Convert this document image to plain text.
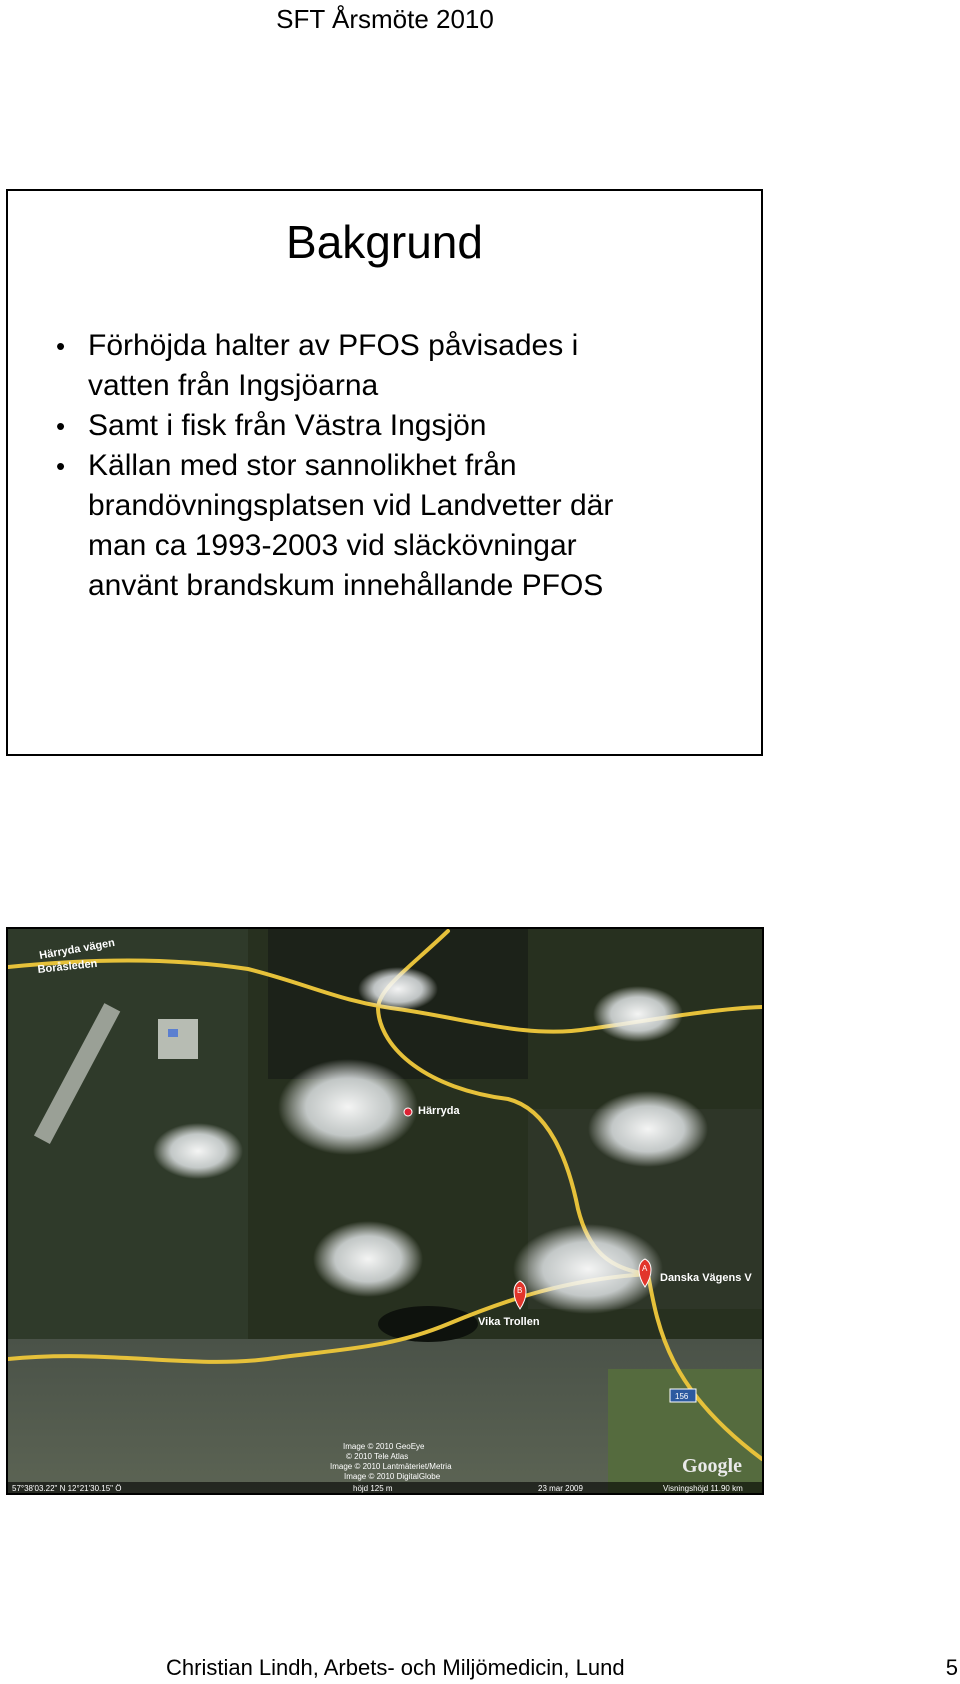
SFT Årsmöte 2010
Bakgrund
• Förhöjda halter av PFOS påvisades i
vatten från Ingsjöarna
• Samt i fisk från Västra Ingsjön
• Källan med stor sannolikhet från
brandövningsplatsen vid Landvetter där
man ca 1993-2003 vid släckövningar
använt brandskum innehållande PFOS
Härryda vägen
Boråsleden
Härryda
B
Vika Trollen
A
Danska Vägens V
156
Google
Image © 2010 GeoEye
© 2010 Tele Atlas
Image © 2010 Lantmäteriet/Metria
Image © 2010 DigitalGlobe
57°38'03.22" N 12°21'30.15" Ö	höjd 125 m	23 mar 2009	Visningshöjd 11.90 km
Christian Lindh, Arbets- och Miljömedicin, Lund	5
